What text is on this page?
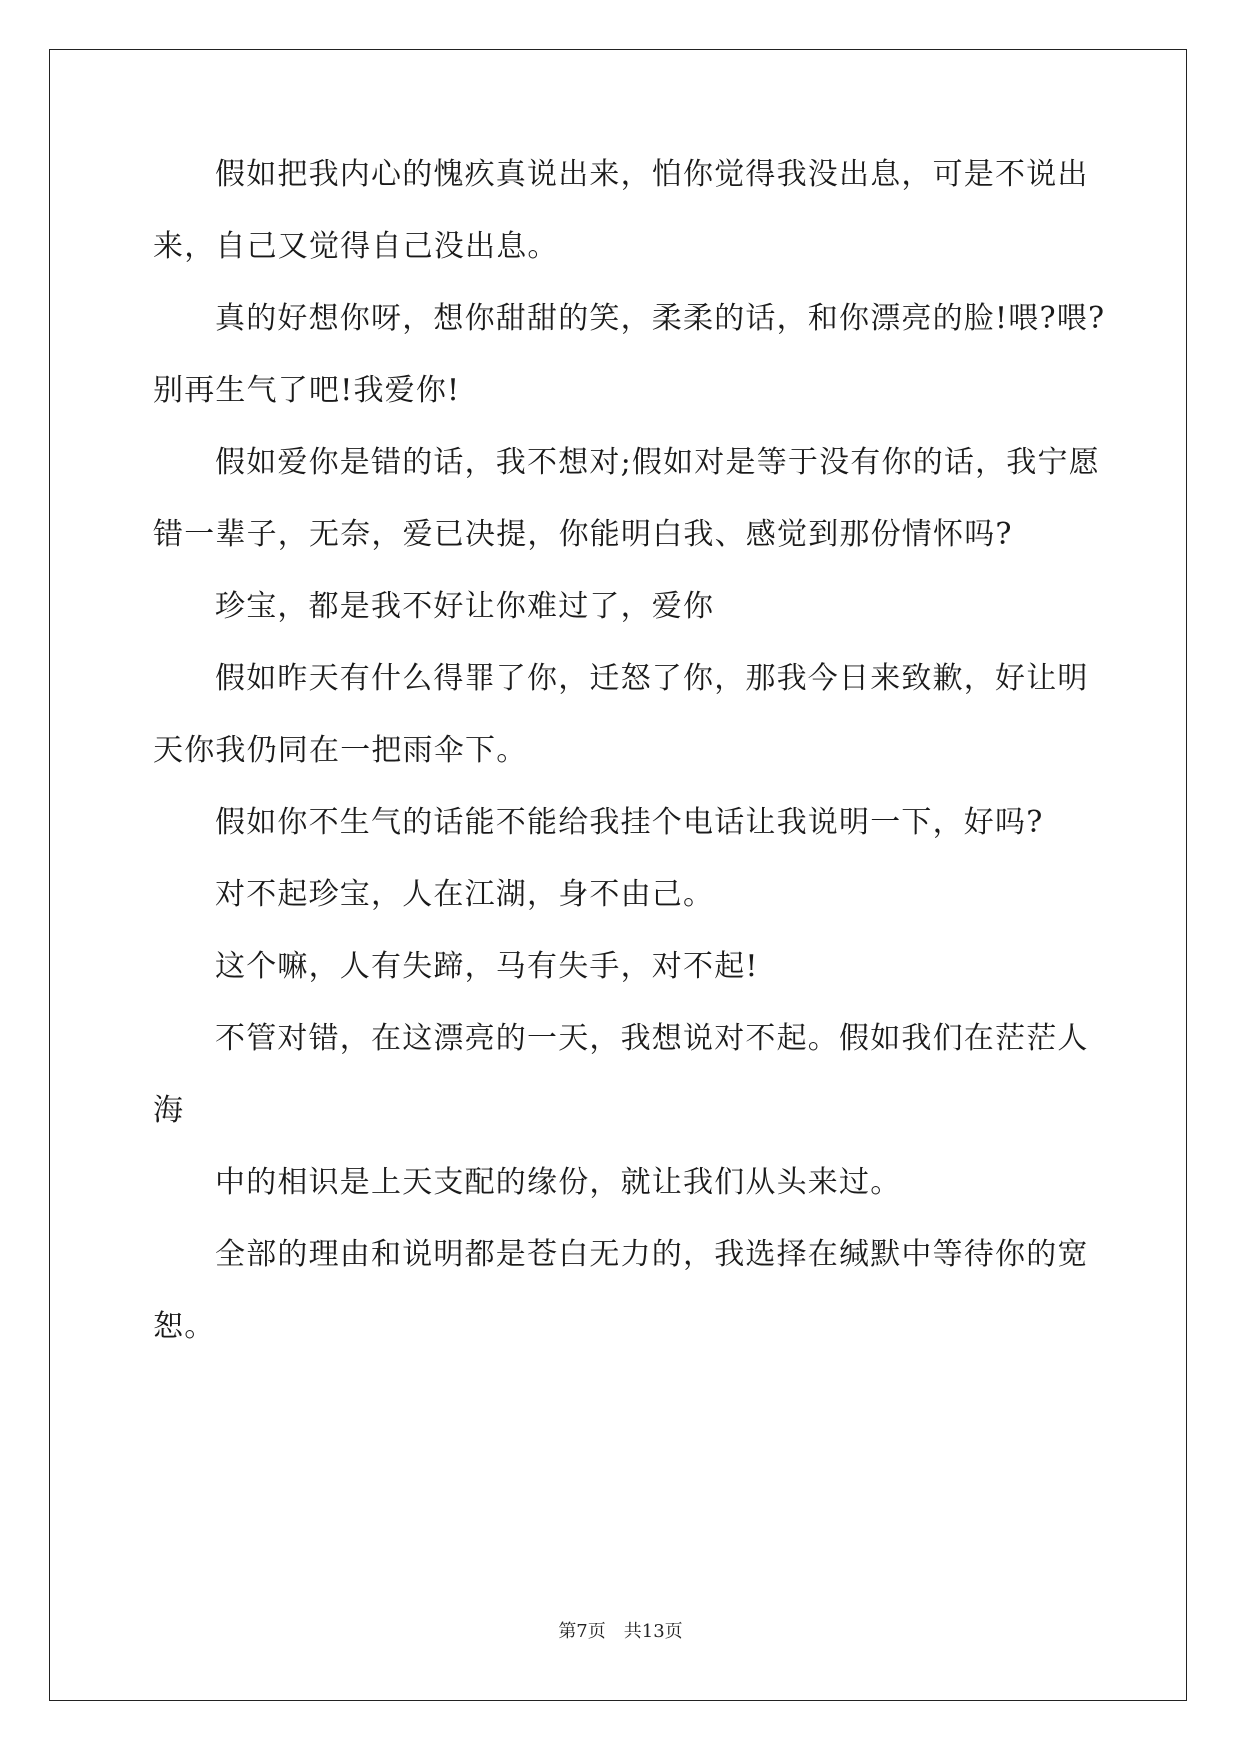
假如把我内心的愧疚真说出来，怕你觉得我没出息，可是不说出
来，自己又觉得自己没出息。
真的好想你呀，想你甜甜的笑，柔柔的话，和你漂亮的脸!喂?喂?
别再生气了吧!我爱你!
假如爱你是错的话，我不想对;假如对是等于没有你的话，我宁愿
错一辈子，无奈，爱已决提，你能明白我、感觉到那份情怀吗?
珍宝，都是我不好让你难过了，爱你
假如昨天有什么得罪了你，迁怒了你，那我今日来致歉，好让明
天你我仍同在一把雨伞下。
假如你不生气的话能不能给我挂个电话让我说明一下，好吗?
对不起珍宝，人在江湖，身不由己。
这个嘛，人有失蹄，马有失手，对不起!
不管对错，在这漂亮的一天，我想说对不起。假如我们在茫茫人
海
中的相识是上天支配的缘份，就让我们从头来过。
全部的理由和说明都是苍白无力的，我选择在缄默中等待你的宽
恕。
第7页 共13页
